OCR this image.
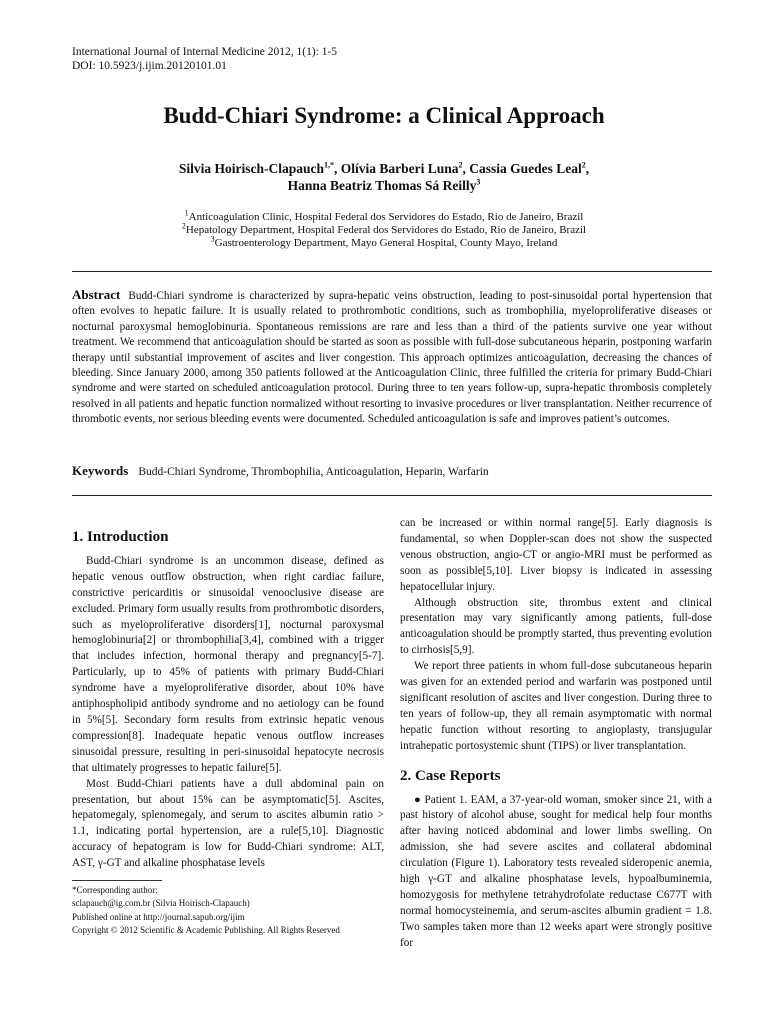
International Journal of Internal Medicine 2012, 1(1): 1-5
DOI: 10.5923/j.ijim.20120101.01
Budd-Chiari Syndrome: a Clinical Approach
Silvia Hoirisch-Clapauch$^{1,*}$, Olívia Barberi Luna$^2$, Cassia Guedes Leal$^2$,
Hanna Beatriz Thomas Sá Reilly$^3$
$^1$Anticoagulation Clinic, Hospital Federal dos Servidores do Estado, Rio de Janeiro, Brazil
$^2$Hepatology Department, Hospital Federal dos Servidores do Estado, Rio de Janeiro, Brazil
$^3$Gastroenterology Department, Mayo General Hospital, County Mayo, Ireland
Abstract Budd-Chiari syndrome is characterized by supra-hepatic veins obstruction, leading to post-sinusoidal portal hypertension that often evolves to hepatic failure. It is usually related to prothrombotic conditions, such as trombophilia, myeloproliferative diseases or nocturnal paroxysmal hemoglobinuria. Spontaneous remissions are rare and less than a third of the patients survive one year without treatment. We recommend that anticoagulation should be started as soon as possible with full-dose subcutaneous heparin, postponing warfarin therapy until substantial improvement of ascites and liver congestion. This approach optimizes anticoagulation, decreasing the chances of bleeding. Since January 2000, among 350 patients followed at the Anticoagulation Clinic, three fulfilled the criteria for primary Budd-Chiari syndrome and were started on scheduled anticoagulation protocol. During three to ten years follow-up, supra-hepatic thrombosis completely resolved in all patients and hepatic function normalized without resorting to invasive procedures or liver transplantation. Neither recurrence of thrombotic events, nor serious bleeding events were documented. Scheduled anticoagulation is safe and improves patient’s outcomes.
Keywords Budd-Chiari Syndrome, Thrombophilia, Anticoagulation, Heparin, Warfarin
1. Introduction

Budd-Chiari syndrome is an uncommon disease, defined as hepatic venous outflow obstruction, when right cardiac failure, constrictive pericarditis or sinusoidal venooclusive disease are excluded. Primary form usually results from prothrombotic disorders, such as myeloproliferative disorders[1], nocturnal paroxysmal hemoglobinuria[2] or thrombophilia[3,4], combined with a trigger that includes infection, hormonal therapy and pregnancy[5-7]. Particularly, up to 45% of patients with primary Budd-Chiari syndrome have a myeloproliferative disorder, about 10% have antiphospholipid antibody syndrome and no aetiology can be found in 5%[5]. Secondary form results from extrinsic hepatic venous compression[8]. Inadequate hepatic venous outflow increases sinusoidal pressure, resulting in peri-sinusoidal hepatocyte necrosis that ultimately progresses to hepatic failure[5].

Most Budd-Chiari patients have a dull abdominal pain on presentation, but about 15% can be asymptomatic[5]. Ascites, hepatomegaly, splenomegaly, and serum to ascites albumin ratio > 1.1, indicating portal hypertension, are a rule[5,10]. Diagnostic accuracy of hepatogram is low for Budd-Chiari syndrome: ALT, AST, γ-GT and alkaline phosphatase levels

*Corresponding author:
sclapauch@ig.com.br (Silvia Hoirisch-Clapauch)
Published online at http://journal.sapub.org/ijim
Copyright © 2012 Scientific & Academic Publishing. All Rights Reserved

can be increased or within normal range[5]. Early diagnosis is fundamental, so when Doppler-scan does not show the suspected venous obstruction, angio-CT or angio-MRI must be performed as soon as possible[5,10]. Liver biopsy is indicated in assessing hepatocellular injury.

Although obstruction site, thrombus extent and clinical presentation may vary significantly among patients, full-dose anticoagulation should be promptly started, thus preventing evolution to cirrhosis[5,9].

We report three patients in whom full-dose subcutaneous heparin was given for an extended period and warfarin was postponed until significant resolution of ascites and liver congestion. During three to ten years of follow-up, they all remain asymptomatic with normal hepatic function without resorting to angioplasty, transjugular intrahepatic portosystemic shunt (TIPS) or liver transplantation.

2. Case Reports

● Patient 1. EAM, a 37-year-old woman, smoker since 21, with a past history of alcohol abuse, sought for medical help four months after having noticed abdominal and lower limbs swelling. On admission, she had severe ascites and collateral abdominal circulation (Figure 1). Laboratory tests revealed sideropenic anemia, high γ-GT and alkaline phosphatase levels, hypoalbuminemia, homozygosis for methylene tetrahydrofolate reductase C677T with normal homocysteinemia, and serum-ascites albumin gradient = 1.8. Two samples taken more than 12 weeks apart were strongly positive for
